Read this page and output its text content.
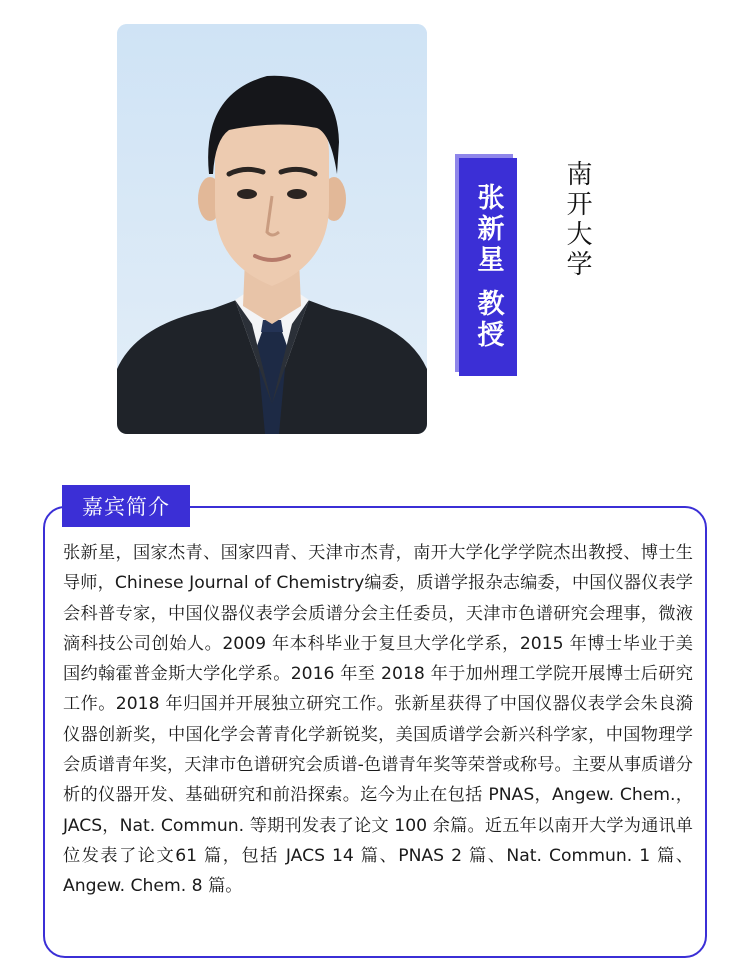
张新星 教授 南开大学
嘉宾简介
张新星，国家杰青、国家四青、天津市杰青，南开大学化学学院杰出教授、博士生导师，Chinese Journal of Chemistry编委，质谱学报杂志编委，中国仪器仪表学会科普专家，中国仪器仪表学会质谱分会主任委员，天津市色谱研究会理事，微液滴科技公司创始人。2009 年本科毕业于复旦大学化学系，2015 年博士毕业于美国约翰霍普金斯大学化学系。2016 年至 2018 年于加州理工学院开展博士后研究工作。2018 年归国并开展独立研究工作。张新星获得了中国仪器仪表学会朱良漪仪器创新奖，中国化学会菁青化学新锐奖，美国质谱学会新兴科学家，中国物理学会质谱青年奖，天津市色谱研究会质谱-色谱青年奖等荣誉或称号。主要从事质谱分析的仪器开发、基础研究和前沿探索。迄今为止在包括 PNAS，Angew. Chem.，JACS，Nat. Commun. 等期刊发表了论文 100 余篇。近五年以南开大学为通讯单位发表了论文61 篇，包括 JACS 14 篇、PNAS 2 篇、Nat. Commun. 1 篇、Angew. Chem. 8 篇。
